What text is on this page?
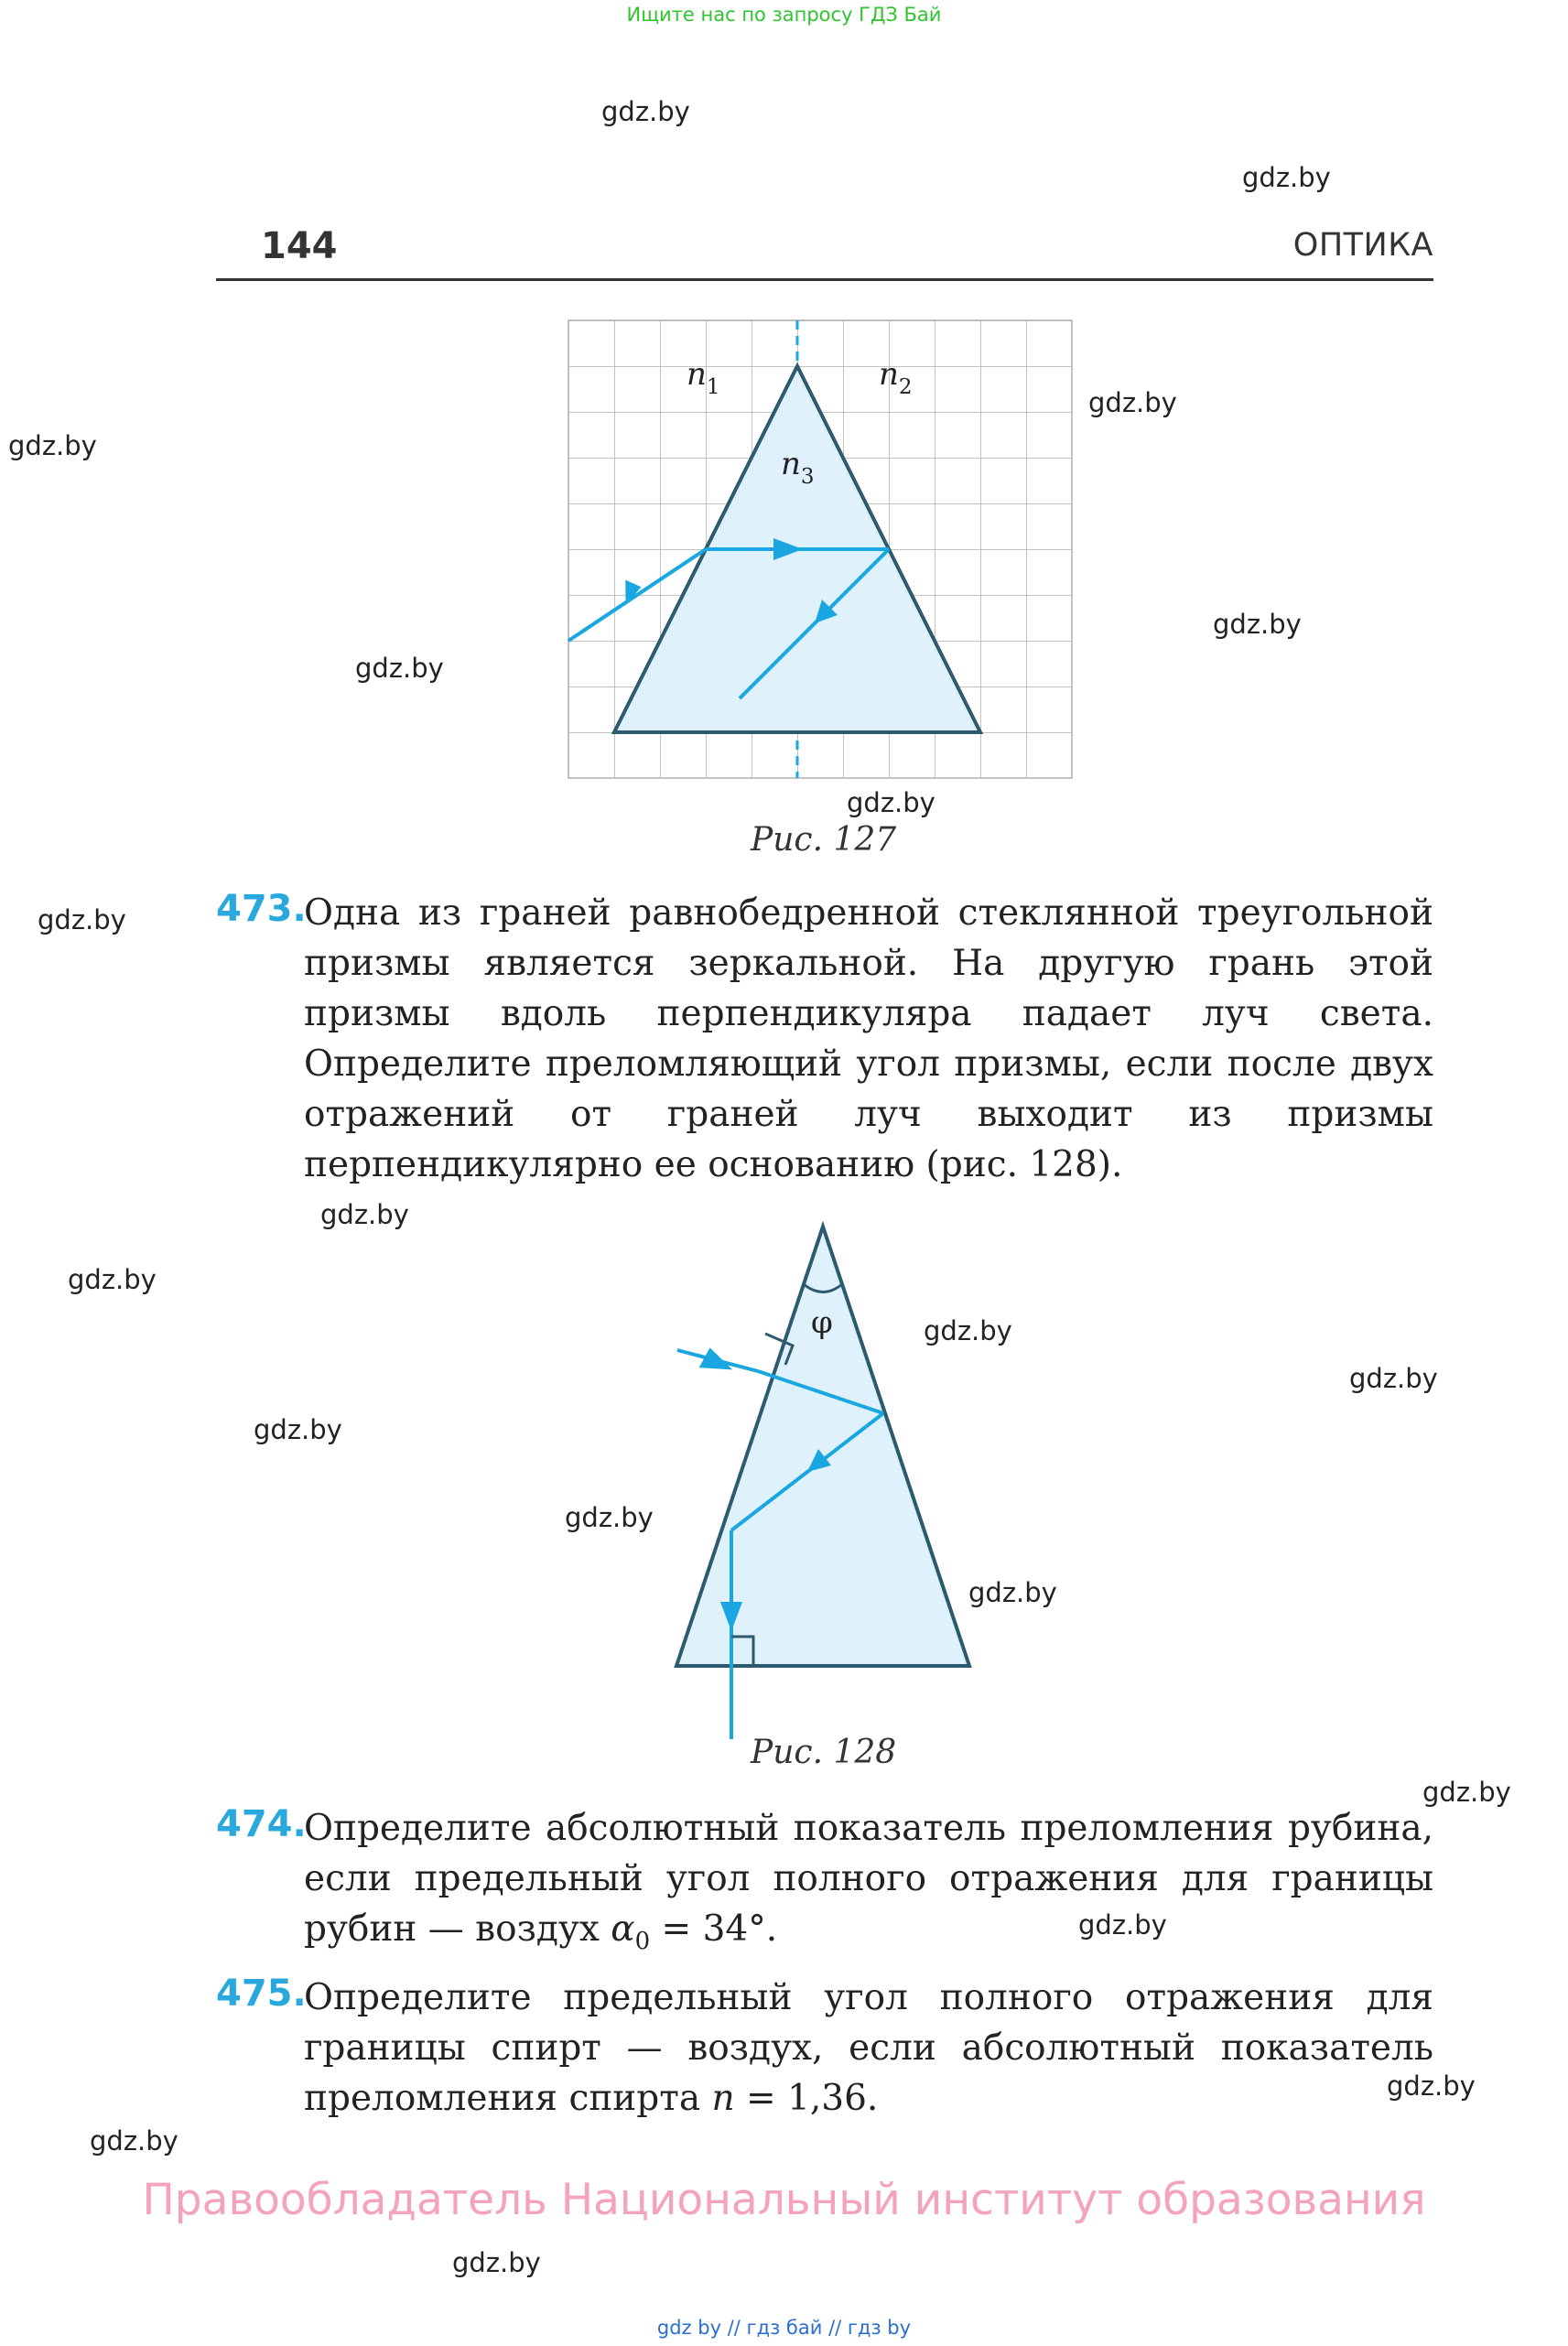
Ищите нас по запросу ГДЗ Бай
144	ОПТИКА
$n_1$	$n_2$
$n_3$
Рис. 127
473.
Одна из граней равнобедренной стеклянной треугольной призмы является зеркальной. На другую грань этой призмы вдоль перпендикуляра падает луч света. Определите преломляющий угол призмы, если после двух отражений от граней луч выходит из призмы перпендикулярно ее основанию (рис. 128).
φ
Рис. 128
474.
Определите абсолютный показатель преломления рубина, если предельный угол полного отражения для границы рубин — воздух $\alpha_0 = 34^\circ$.
475.
Определите предельный угол полного отражения для границы спирт — воздух, если абсолютный показатель преломления спирта n = 1,36.
gdz.by
gdz.by
gdz.by
gdz.by
gdz.by
gdz.by
gdz.by
gdz.by
gdz.by
gdz.by
gdz.by
gdz.by
gdz.by
gdz.by
gdz.by
gdz.by
gdz.by
gdz.by
gdz.by
gdz.by
Правообладатель Национальный институт образования
gdz by // гдз бай // гдз by
